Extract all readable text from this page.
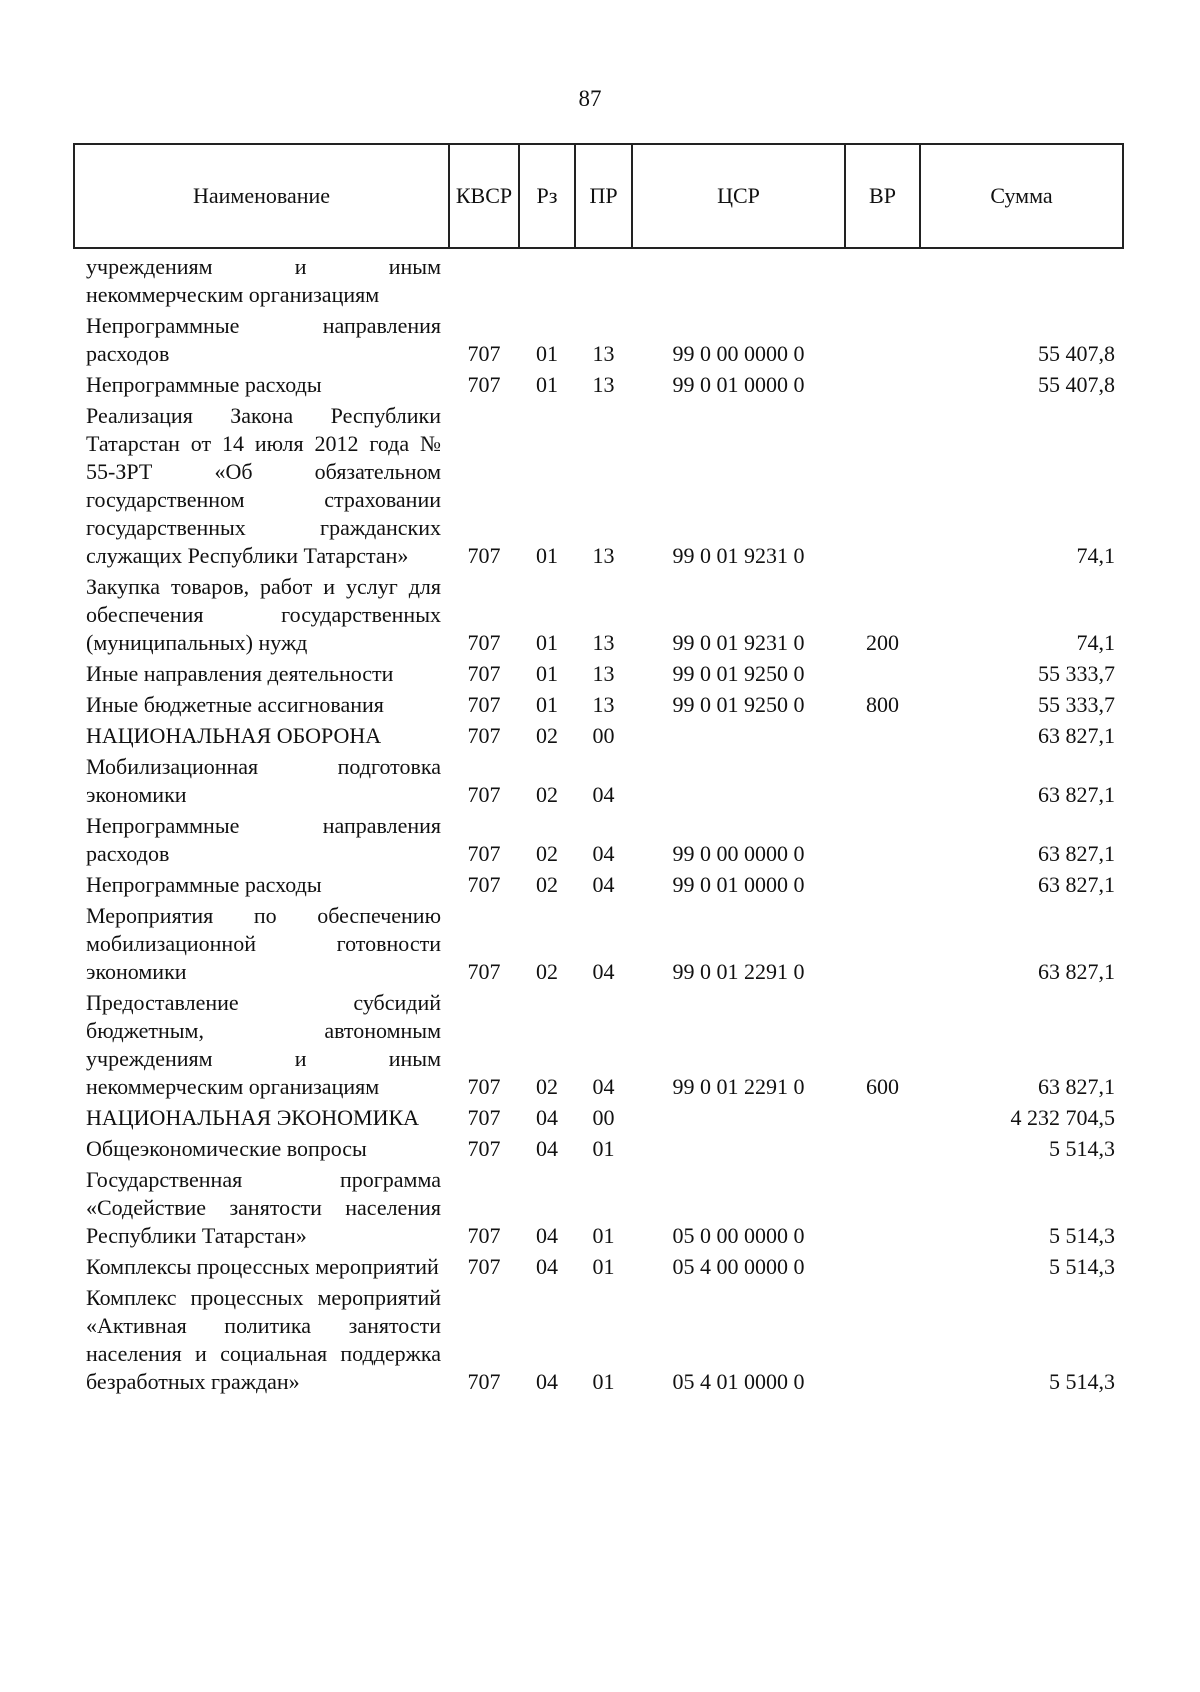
87
Наименование	КВСР	Рз	ПР	ЦСР	ВР	Сумма
учреждениям и иным некоммерческим организациям						
Непрограммные направления расходов	707	01	13	99 0 00 0000 0		55 407,8
Непрограммные расходы	707	01	13	99 0 01 0000 0		55 407,8
Реализация Закона Республики Татарстан от 14 июля 2012 года № 55-ЗРТ «Об обязательном государственном страховании государственных гражданских служащих Республики Татарстан»	707	01	13	99 0 01 9231 0		74,1
Закупка товаров, работ и услуг для обеспечения государственных (муниципальных) нужд	707	01	13	99 0 01 9231 0	200	74,1
Иные направления деятельности	707	01	13	99 0 01 9250 0		55 333,7
Иные бюджетные ассигнования	707	01	13	99 0 01 9250 0	800	55 333,7
НАЦИОНАЛЬНАЯ ОБОРОНА	707	02	00			63 827,1
Мобилизационная подготовка экономики	707	02	04			63 827,1
Непрограммные направления расходов	707	02	04	99 0 00 0000 0		63 827,1
Непрограммные расходы	707	02	04	99 0 01 0000 0		63 827,1
Мероприятия по обеспечению мобилизационной готовности экономики	707	02	04	99 0 01 2291 0		63 827,1
Предоставление субсидий бюджетным, автономным учреждениям и иным некоммерческим организациям	707	02	04	99 0 01 2291 0	600	63 827,1
НАЦИОНАЛЬНАЯ ЭКОНОМИКА	707	04	00			4 232 704,5
Общеэкономические вопросы	707	04	01			5 514,3
Государственная программа «Содействие занятости населения Республики Татарстан»	707	04	01	05 0 00 0000 0		5 514,3
Комплексы процессных мероприятий	707	04	01	05 4 00 0000 0		5 514,3
Комплекс процессных мероприятий «Активная политика занятости населения и социальная поддержка безработных граждан»	707	04	01	05 4 01 0000 0		5 514,3
